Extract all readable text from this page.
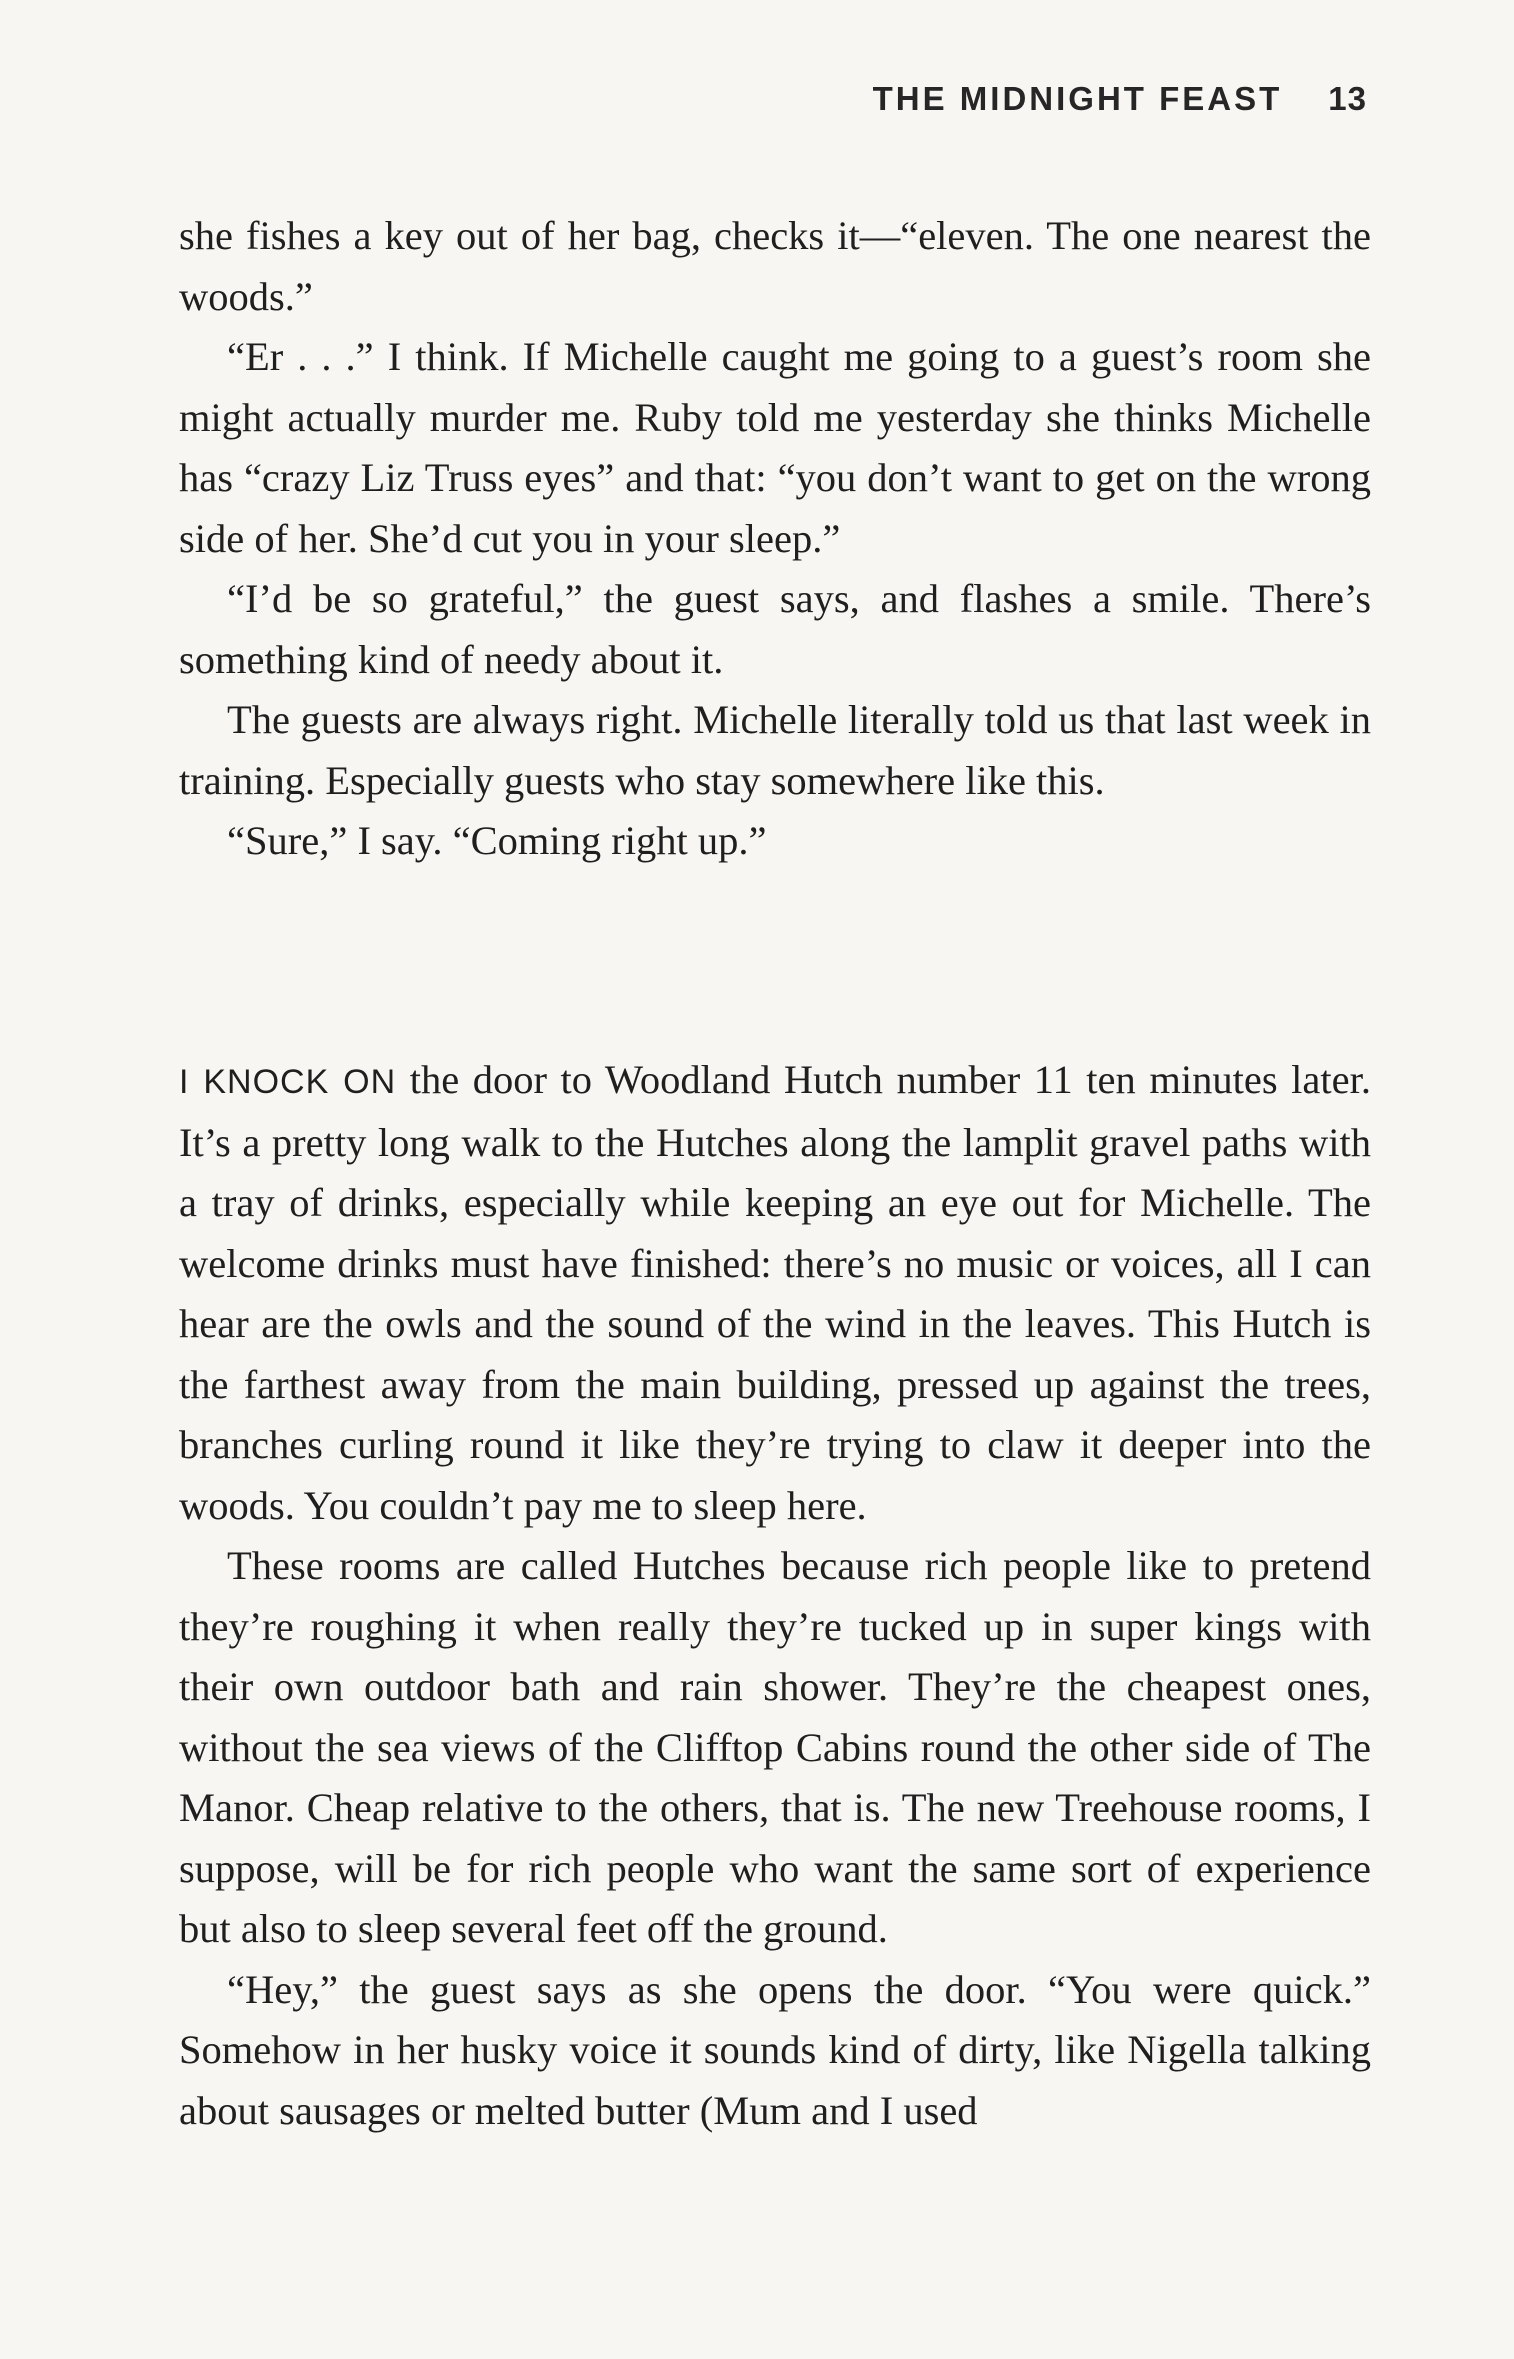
THE MIDNIGHT FEAST 13

she fishes a key out of her bag, checks it—“eleven. The one nearest the woods.”

“Er . . .” I think. If Michelle caught me going to a guest’s room she might actually murder me. Ruby told me yesterday she thinks Michelle has “crazy Liz Truss eyes” and that: “you don’t want to get on the wrong side of her. She’d cut you in your sleep.”

“I’d be so grateful,” the guest says, and flashes a smile. There’s something kind of needy about it.

The guests are always right. Michelle literally told us that last week in training. Especially guests who stay somewhere like this.

“Sure,” I say. “Coming right up.”

I KNOCK ON the door to Woodland Hutch number 11 ten minutes later. It’s a pretty long walk to the Hutches along the lamplit gravel paths with a tray of drinks, especially while keeping an eye out for Michelle. The welcome drinks must have finished: there’s no music or voices, all I can hear are the owls and the sound of the wind in the leaves. This Hutch is the farthest away from the main building, pressed up against the trees, branches curling round it like they’re trying to claw it deeper into the woods. You couldn’t pay me to sleep here.

These rooms are called Hutches because rich people like to pretend they’re roughing it when really they’re tucked up in super kings with their own outdoor bath and rain shower. They’re the cheapest ones, without the sea views of the Clifftop Cabins round the other side of The Manor. Cheap relative to the others, that is. The new Treehouse rooms, I suppose, will be for rich people who want the same sort of experience but also to sleep several feet off the ground.

“Hey,” the guest says as she opens the door. “You were quick.” Somehow in her husky voice it sounds kind of dirty, like Nigella talking about sausages or melted butter (Mum and I used
